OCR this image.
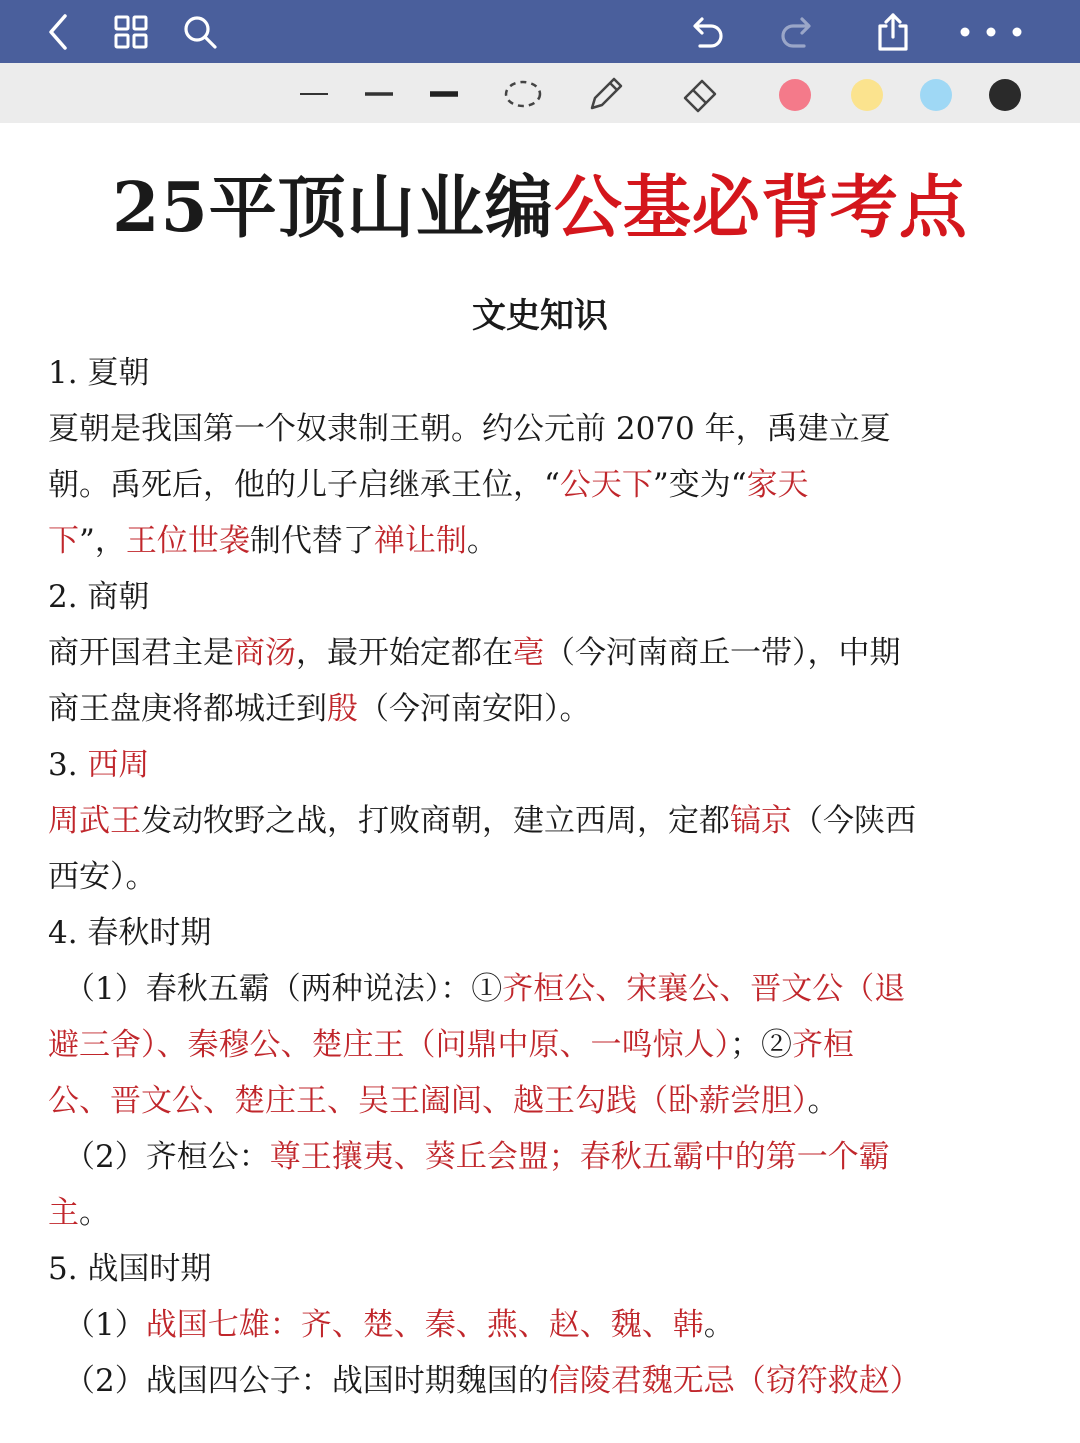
25平顶山业编公基必背考点
文史知识
1. 夏朝
夏朝是我国第一个奴隶制王朝。约公元前 2070 年，禹建立夏
朝。禹死后，他的儿子启继承王位，“公天下”变为“家天
下”，王位世袭制代替了禅让制。
2. 商朝
商开国君主是商汤，最开始定都在亳（今河南商丘一带），中期
商王盘庚将都城迁到殷（今河南安阳）。
3. 西周
周武王发动牧野之战，打败商朝，建立西周，定都镐京（今陕西
西安）。
4. 春秋时期
（1）春秋五霸（两种说法）：①齐桓公、宋襄公、晋文公（退
避三舍）、秦穆公、楚庄王（问鼎中原、一鸣惊人）；②齐桓
公、晋文公、楚庄王、吴王阖闾、越王勾践（卧薪尝胆）。
（2）齐桓公：尊王攘夷、葵丘会盟；春秋五霸中的第一个霸
主。
5. 战国时期
（1）战国七雄：齐、楚、秦、燕、赵、魏、韩。
（2）战国四公子：战国时期魏国的信陵君魏无忌（窃符救赵）
